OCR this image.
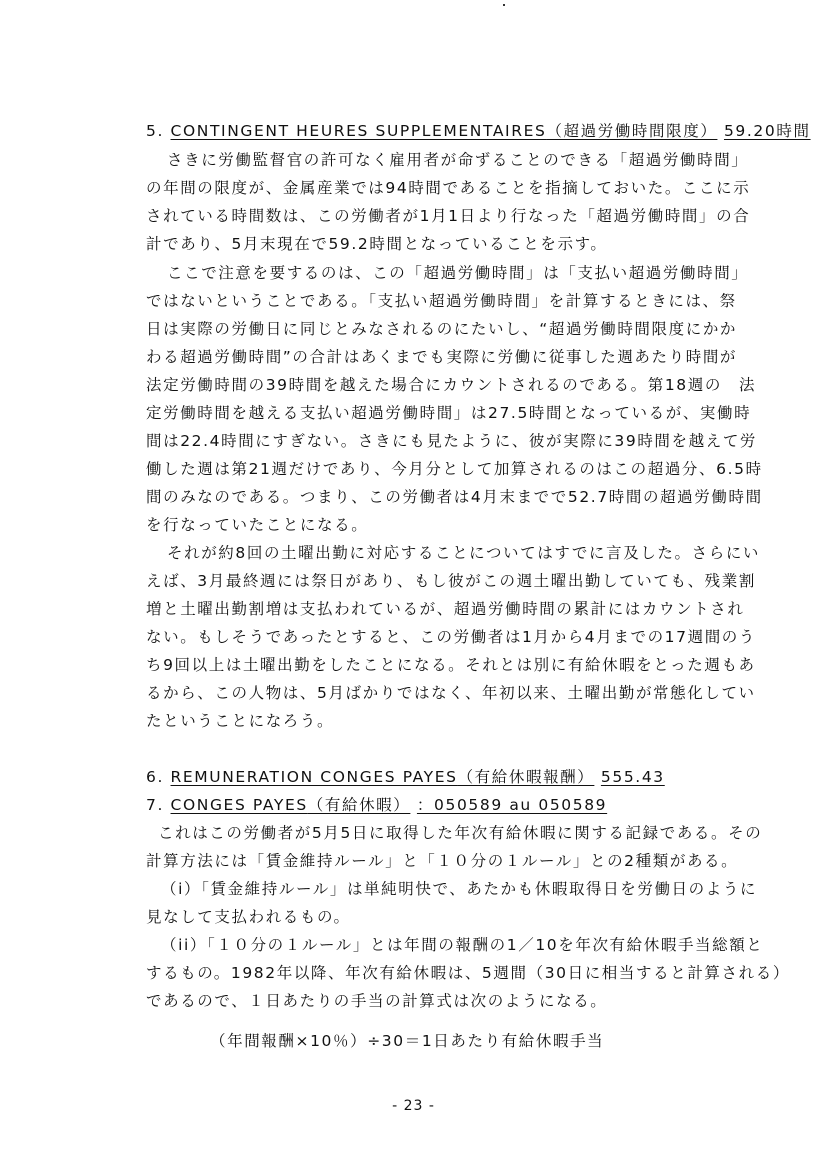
5. CONTINGENT HEURES SUPPLEMENTAIRES（超過労働時間限度） 59.20時間
さきに労働監督官の許可なく雇用者が命ずることのできる「超過労働時間」
の年間の限度が、金属産業では94時間であることを指摘しておいた。ここに示
されている時間数は、この労働者が1月1日より行なった「超過労働時間」の合
計であり、5月末現在で59.2時間となっていることを示す。
ここで注意を要するのは、この「超過労働時間」は「支払い超過労働時間」
ではないということである。「支払い超過労働時間」を計算するときには、祭
日は実際の労働日に同じとみなされるのにたいし、“超過労働時間限度にかか
わる超過労働時間”の合計はあくまでも実際に労働に従事した週あたり時間が
法定労働時間の39時間を越えた場合にカウントされるのである。第18週の　法
定労働時間を越える支払い超過労働時間」は27.5時間となっているが、実働時
間は22.4時間にすぎない。さきにも見たように、彼が実際に39時間を越えて労
働した週は第21週だけであり、今月分として加算されるのはこの超過分、6.5時
間のみなのである。つまり、この労働者は4月末までで52.7時間の超過労働時間
を行なっていたことになる。
それが約8回の土曜出勤に対応することについてはすでに言及した。さらにい
えば、3月最終週には祭日があり、もし彼がこの週土曜出勤していても、残業割
増と土曜出勤割増は支払われているが、超過労働時間の累計にはカウントされ
ない。もしそうであったとすると、この労働者は1月から4月までの17週間のう
ち9回以上は土曜出勤をしたことになる。それとは別に有給休暇をとった週もあ
るから、この人物は、5月ばかりではなく、年初以来、土曜出勤が常態化してい
たということになろう。
6. REMUNERATION CONGES PAYES（有給休暇報酬） 555.43
7. CONGES PAYES（有給休暇） ：050589 au 050589
これはこの労働者が5月5日に取得した年次有給休暇に関する記録である。その
計算方法には「賃金維持ルール」と「１０分の１ルール」との2種類がある。
（i）「賃金維持ルール」は単純明快で、あたかも休暇取得日を労働日のように
見なして支払われるもの。
（ii）「１０分の１ルール」とは年間の報酬の1／10を年次有給休暇手当総額と
するもの。1982年以降、年次有給休暇は、5週間（30日に相当すると計算される）
であるので、１日あたりの手当の計算式は次のようになる。
（年間報酬×10％）÷30＝1日あたり有給休暇手当
- 23 -
